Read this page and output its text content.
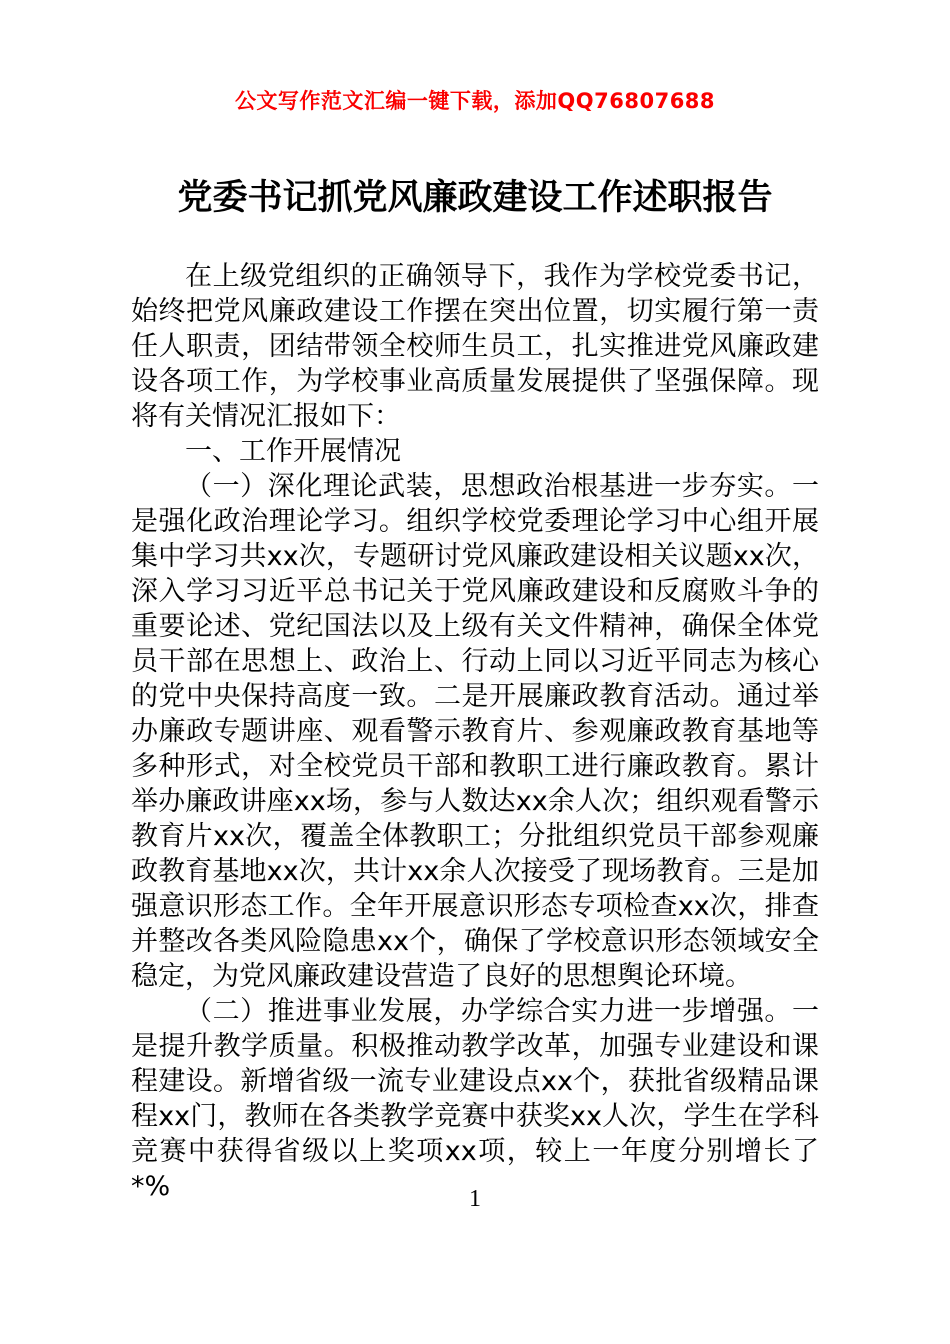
公文写作范文汇编一键下载，添加QQ76807688
党委书记抓党风廉政建设工作述职报告

在上级党组织的正确领导下，我作为学校党委书记，始终把党风廉政建设工作摆在突出位置，切实履行第一责任人职责，团结带领全校师生员工，扎实推进党风廉政建设各项工作，为学校事业高质量发展提供了坚强保障。现将有关情况汇报如下：

一、工作开展情况

（一）深化理论武装，思想政治根基进一步夯实。一是强化政治理论学习。组织学校党委理论学习中心组开展集中学习共xx次，专题研讨党风廉政建设相关议题xx次，深入学习习近平总书记关于党风廉政建设和反腐败斗争的重要论述、党纪国法以及上级有关文件精神，确保全体党员干部在思想上、政治上、行动上同以习近平同志为核心的党中央保持高度一致。二是开展廉政教育活动。通过举办廉政专题讲座、观看警示教育片、参观廉政教育基地等多种形式，对全校党员干部和教职工进行廉政教育。累计举办廉政讲座xx场，参与人数达xx余人次；组织观看警示教育片xx次，覆盖全体教职工；分批组织党员干部参观廉政教育基地xx次，共计xx余人次接受了现场教育。三是加强意识形态工作。全年开展意识形态专项检查xx次，排查并整改各类风险隐患xx个，确保了学校意识形态领域安全稳定，为党风廉政建设营造了良好的思想舆论环境。

（二）推进事业发展，办学综合实力进一步增强。一是提升教学质量。积极推动教学改革，加强专业建设和课程建设。新增省级一流专业建设点xx个，获批省级精品课程xx门，教师在各类教学竞赛中获奖xx人次，学生在学科竞赛中获得省级以上奖项xx项，较上一年度分别增长了*%	1
